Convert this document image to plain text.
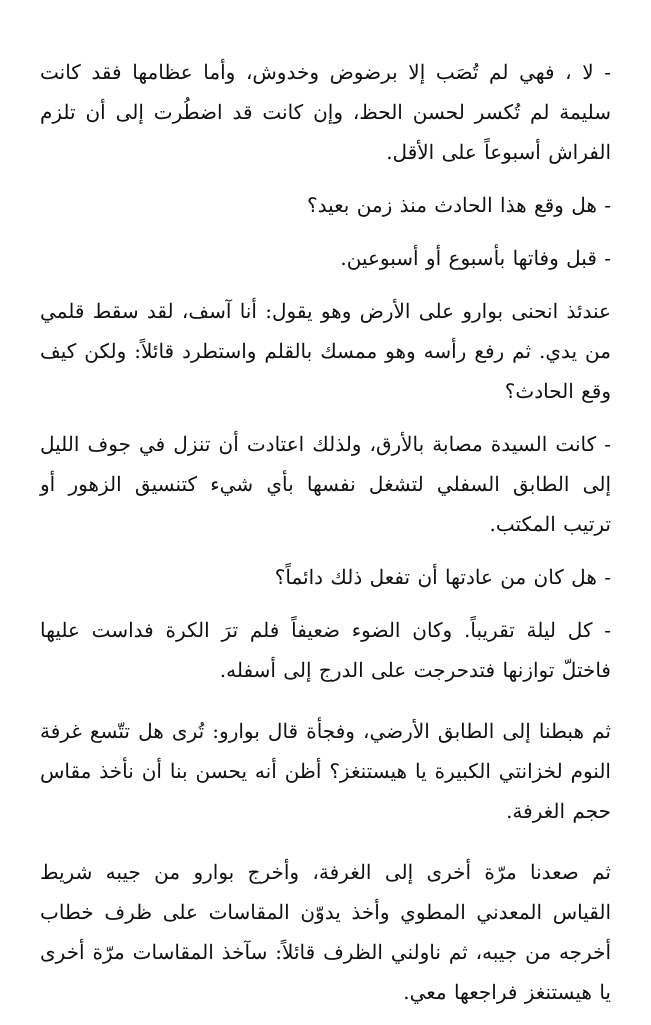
- لا ، فهي لم تُصَب إلا برضوض وخدوش، وأما عظامها فقد كانت سليمة لم تُكسر لحسن الحظ، وإن كانت قد اضطُرت إلى أن تلزم الفراش أسبوعاً على الأقل.

- هل وقع هذا الحادث منذ زمن بعيد؟

- قبل وفاتها بأسبوع أو أسبوعين.

عندئذ انحنى بوارو على الأرض وهو يقول: أنا آسف، لقد سقط قلمي من يدي. ثم رفع رأسه وهو ممسك بالقلم واستطرد قائلاً: ولكن كيف وقع الحادث؟

- كانت السيدة مصابة بالأرق، ولذلك اعتادت أن تنزل في جوف الليل إلى الطابق السفلي لتشغل نفسها بأي شيء كتنسيق الزهور أو ترتيب المكتب.

- هل كان من عادتها أن تفعل ذلك دائماً؟

- كل ليلة تقريباً. وكان الضوء ضعيفاً فلم ترَ الكرة فداست عليها فاختلّ توازنها فتدحرجت على الدرج إلى أسفله.

ثم هبطنا إلى الطابق الأرضي، وفجأة قال بوارو: تُرى هل تتّسع غرفة النوم لخزانتي الكبيرة يا هيستنغز؟ أظن أنه يحسن بنا أن نأخذ مقاس حجم الغرفة.

ثم صعدنا مرّة أخرى إلى الغرفة، وأخرج بوارو من جيبه شريط القياس المعدني المطوي وأخذ يدوّن المقاسات على ظرف خطاب أخرجه من جيبه، ثم ناولني الظرف قائلاً: سآخذ المقاسات مرّة أخرى يا هيستنغز فراجعها معي.
